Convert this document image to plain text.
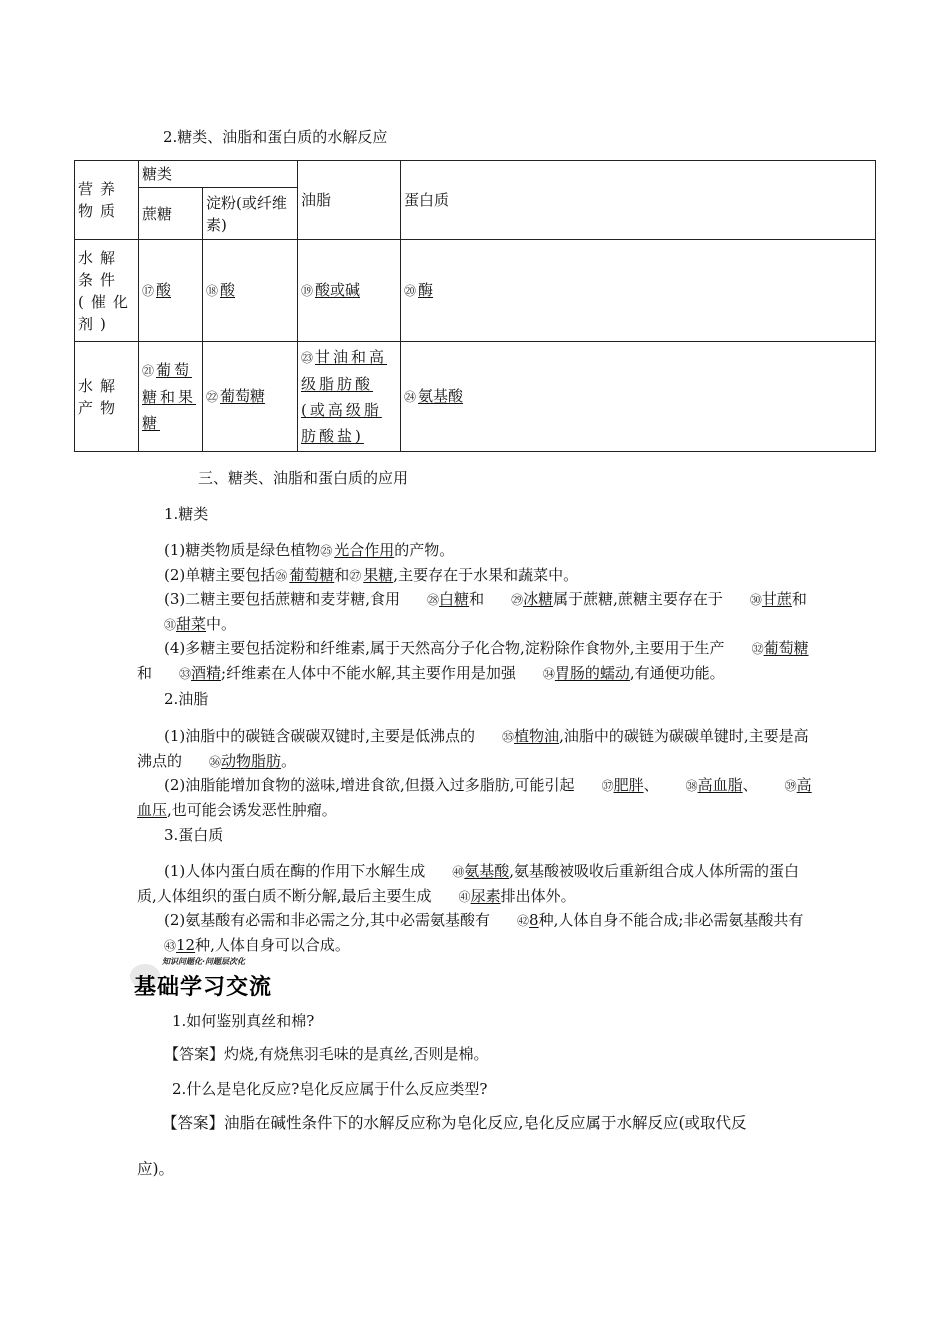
2.糖类、油脂和蛋白质的水解反应
营养物质	糖类		油脂	蛋白质
	蔗糖	淀粉(或纤维素)		
水解条件(催化剂)	⑰ 酸	⑱ 酸	⑲ 酸或碱	⑳ 酶
水解产物	㉑ 葡萄糖和果糖	㉒ 葡萄糖	㉓ 甘油和高级脂肪酸(或高级脂肪酸盐)	㉔ 氨基酸
三、糖类、油脂和蛋白质的应用
1.糖类
(1)糖类物质是绿色植物㉕ 光合作用的产物。
(2)单糖主要包括㉖ 葡萄糖和㉗ 果糖,主要存在于水果和蔬菜中。
(3)二糖主要包括蔗糖和麦芽糖,食用 ㉘白糖和 ㉙冰糖属于蔗糖,蔗糖主要存在于 ㉚甘蔗和㉛甜菜中。
(4)多糖主要包括淀粉和纤维素,属于天然高分子化合物,淀粉除作食物外,主要用于生产 ㉜葡萄糖和 ㉝酒精;纤维素在人体中不能水解,其主要作用是加强 ㉞胃肠的蠕动,有通便功能。
2.油脂
(1)油脂中的碳链含碳碳双键时,主要是低沸点的 ㉟植物油,油脂中的碳链为碳碳单键时,主要是高沸点的 ㊱动物脂肪。
(2)油脂能增加食物的滋味,增进食欲,但摄入过多脂肪,可能引起 ㊲肥胖、 ㊳高血脂、 ㊴高血压,也可能会诱发恶性肿瘤。
3.蛋白质
(1)人体内蛋白质在酶的作用下水解生成 ㊵氨基酸,氨基酸被吸收后重新组合成人体所需的蛋白质,人体组织的蛋白质不断分解,最后主要生成 ㊶尿素排出体外。
(2)氨基酸有必需和非必需之分,其中必需氨基酸有 ㊷8种,人体自身不能合成;非必需氨基酸共有㊸12种,人体自身可以合成。
知识问题化·问题层次化
基础学习交流
1.如何鉴别真丝和棉?
【答案】灼烧,有烧焦羽毛味的是真丝,否则是棉。
2.什么是皂化反应?皂化反应属于什么反应类型?
【答案】油脂在碱性条件下的水解反应称为皂化反应,皂化反应属于水解反应(或取代反
应)。
